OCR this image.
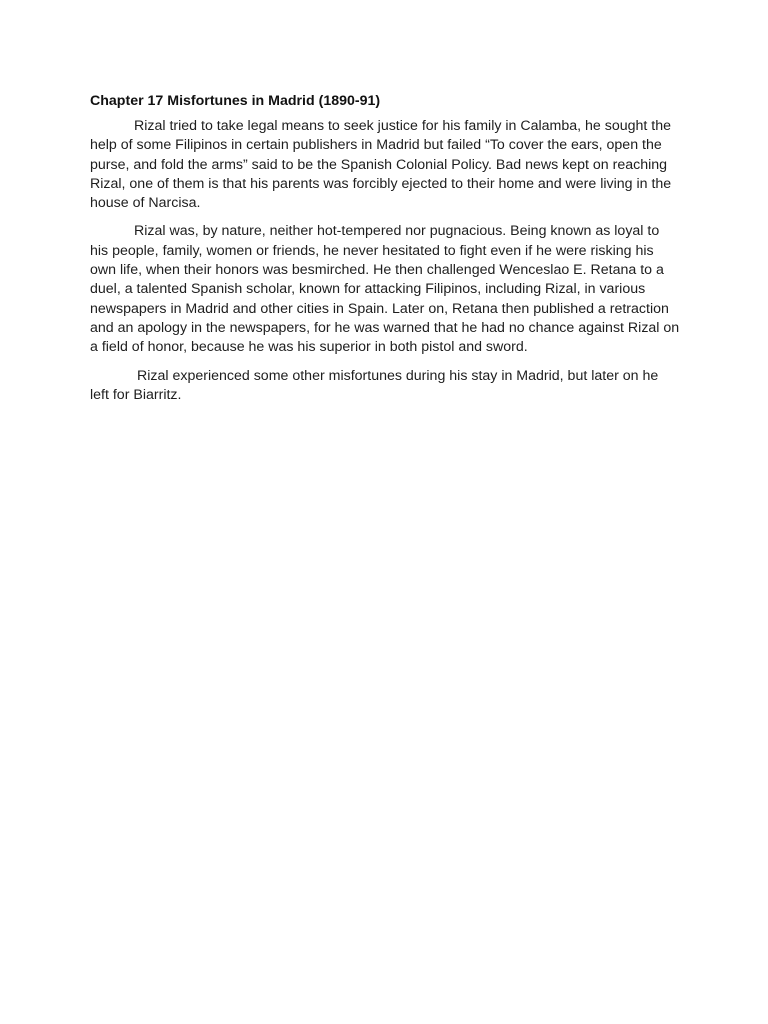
Chapter 17 Misfortunes in Madrid (1890-91)

Rizal tried to take legal means to seek justice for his family in Calamba, he sought the help of some Filipinos in certain publishers in Madrid but failed “To cover the ears, open the purse, and fold the arms” said to be the Spanish Colonial Policy. Bad news kept on reaching Rizal, one of them is that his parents was forcibly ejected to their home and were living in the house of Narcisa.

Rizal was, by nature, neither hot-tempered nor pugnacious. Being known as loyal to his people, family, women or friends, he never hesitated to fight even if he were risking his own life, when their honors was besmirched. He then challenged Wenceslao E. Retana to a duel, a talented Spanish scholar, known for attacking Filipinos, including Rizal, in various newspapers in Madrid and other cities in Spain. Later on, Retana then published a retraction and an apology in the newspapers, for he was warned that he had no chance against Rizal on a field of honor, because he was his superior in both pistol and sword.

Rizal experienced some other misfortunes during his stay in Madrid, but later on he left for Biarritz.
